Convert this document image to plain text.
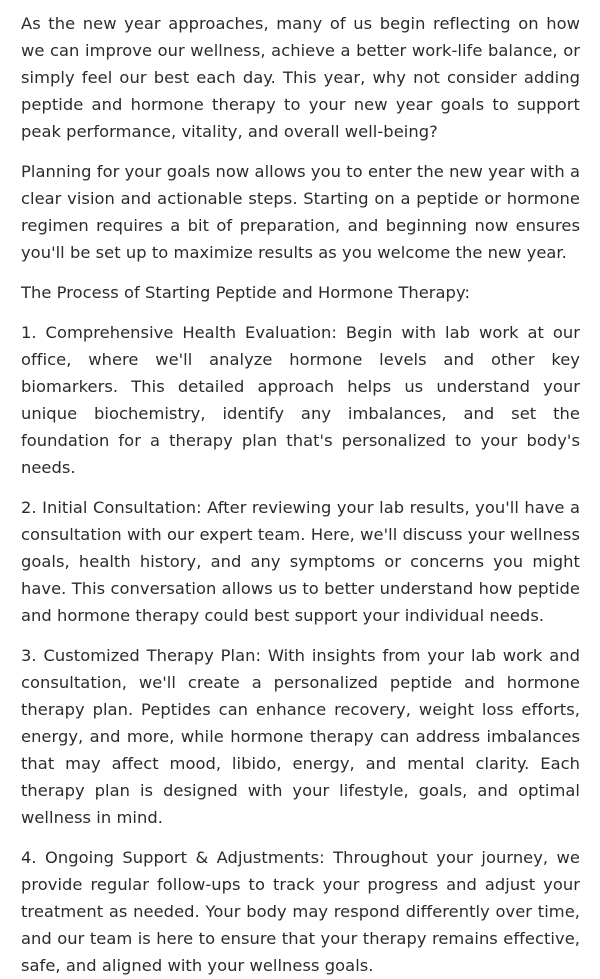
As the new year approaches, many of us begin reflecting on how we can improve our wellness, achieve a better work-life balance, or simply feel our best each day. This year, why not consider adding peptide and hormone therapy to your new year goals to support peak performance, vitality, and overall well-being?

Planning for your goals now allows you to enter the new year with a clear vision and actionable steps. Starting on a peptide or hormone regimen requires a bit of preparation, and beginning now ensures you'll be set up to maximize results as you welcome the new year.

The Process of Starting Peptide and Hormone Therapy:

1. Comprehensive Health Evaluation: Begin with lab work at our office, where we'll analyze hormone levels and other key biomarkers. This detailed approach helps us understand your unique biochemistry, identify any imbalances, and set the foundation for a therapy plan that's personalized to your body's needs.

2. Initial Consultation: After reviewing your lab results, you'll have a consultation with our expert team. Here, we'll discuss your wellness goals, health history, and any symptoms or concerns you might have. This conversation allows us to better understand how peptide and hormone therapy could best support your individual needs.

3. Customized Therapy Plan: With insights from your lab work and consultation, we'll create a personalized peptide and hormone therapy plan. Peptides can enhance recovery, weight loss efforts, energy, and more, while hormone therapy can address imbalances that may affect mood, libido, energy, and mental clarity. Each therapy plan is designed with your lifestyle, goals, and optimal wellness in mind.

4. Ongoing Support & Adjustments: Throughout your journey, we provide regular follow-ups to track your progress and adjust your treatment as needed. Your body may respond differently over time, and our team is here to ensure that your therapy remains effective, safe, and aligned with your wellness goals.
